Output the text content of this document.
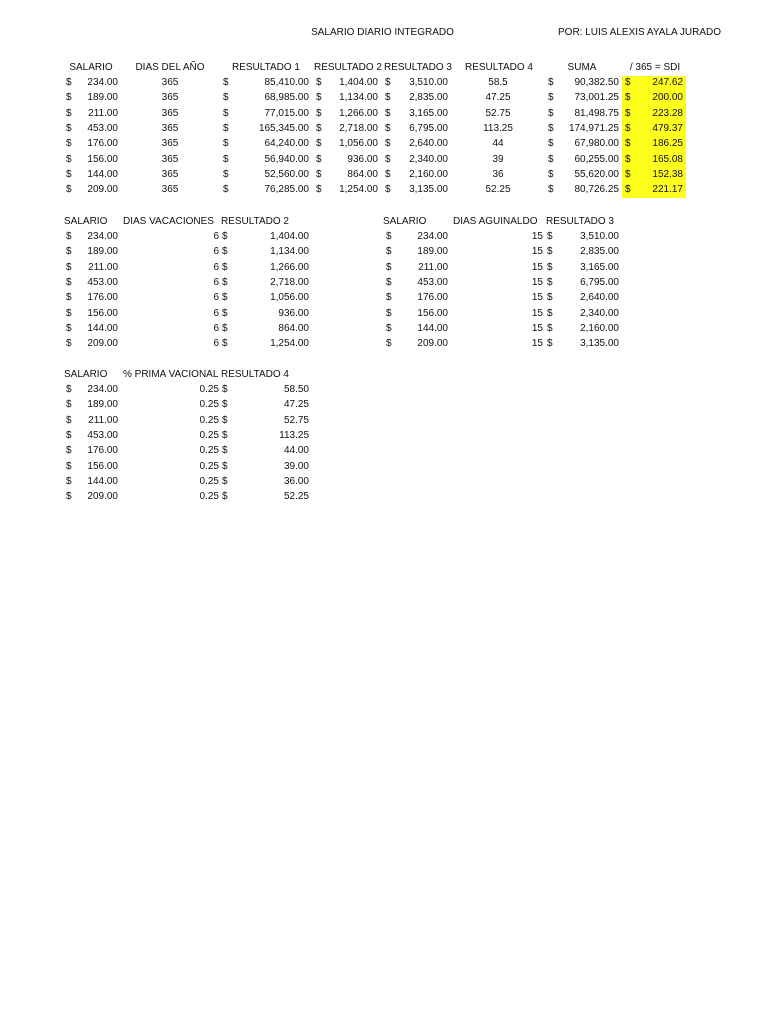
SALARIO DIARIO INTEGRADO	POR: LUIS ALEXIS AYALA JURADO
SALARIO	DIAS DEL AÑO	RESULTADO 1	RESULTADO 2 RESULTADO 3	RESULTADO 4	SUMA	/ 365 = SDI
$	234.00	365	$	85,410.00 $	1,404.00 $	3,510.00	58.5	$	90,382.50 $	247.62
$	189.00	365	$	68,985.00 $	1,134.00 $	2,835.00	47.25	$	73,001.25 $	200.00
$	211.00	365	$	77,015.00 $	1,266.00 $	3,165.00	52.75	$	81,498.75 $	223.28
$	453.00	365	$	165,345.00 $	2,718.00 $	6,795.00	113.25	$	174,971.25 $	479.37
$	176.00	365	$	64,240.00 $	1,056.00 $	2,640.00	44	$	67,980.00 $	186.25
$	156.00	365	$	56,940.00 $	936.00 $	2,340.00	39	$	60,255.00 $	165.08
$	144.00	365	$	52,560.00 $	864.00 $	2,160.00	36	$	55,620.00 $	152.38
$	209.00	365	$	76,285.00 $	1,254.00 $	3,135.00	52.25	$	80,726.25 $	221.17
SALARIO	DIAS VACACIONES RESULTADO 2
$	234.00	6 $	1,404.00
$	189.00	6 $	1,134.00
$	211.00	6 $	1,266.00
$	453.00	6 $	2,718.00
$	176.00	6 $	1,056.00
$	156.00	6 $	936.00
$	144.00	6 $	864.00
$	209.00	6 $	1,254.00
SALARIO	DIAS AGUINALDO RESULTADO 3
$	234.00	15 $	3,510.00
$	189.00	15 $	2,835.00
$	211.00	15 $	3,165.00
$	453.00	15 $	6,795.00
$	176.00	15 $	2,640.00
$	156.00	15 $	2,340.00
$	144.00	15 $	2,160.00
$	209.00	15 $	3,135.00
SALARIO	% PRIMA VACIONAL RESULTADO 4
$	234.00	0.25 $	58.50
$	189.00	0.25 $	47.25
$	211.00	0.25 $	52.75
$	453.00	0.25 $	113.25
$	176.00	0.25 $	44.00
$	156.00	0.25 $	39.00
$	144.00	0.25 $	36.00
$	209.00	0.25 $	52.25
